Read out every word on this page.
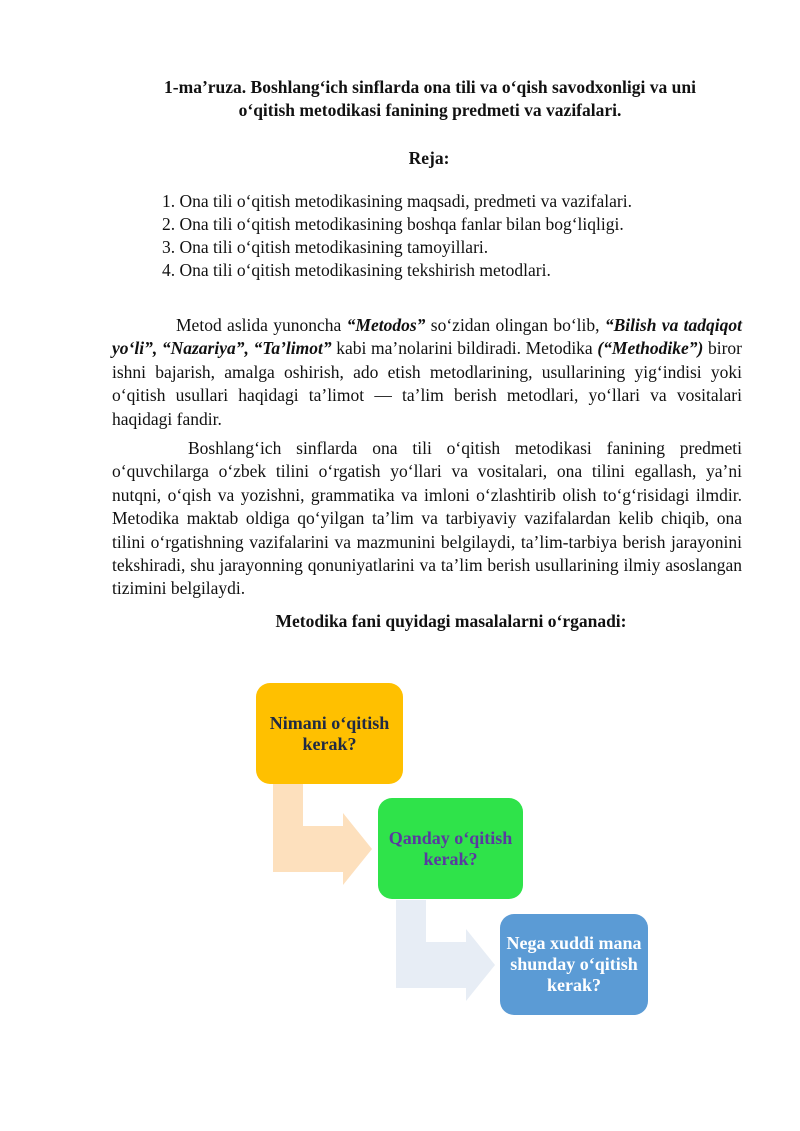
1-ma’ruza. Boshlang‘ich sinflarda ona tili va o‘qish savodxonligi va uni
o‘qitish metodikasi fanining predmeti va vazifalari.
Reja:
1. Ona tili o‘qitish metodikasining maqsadi, predmeti va vazifalari.
2. Ona tili o‘qitish metodikasining boshqa fanlar bilan bog‘liqligi.
3. Ona tili o‘qitish metodikasining tamoyillari.
4. Ona tili o‘qitish metodikasining tekshirish metodlari.

Metod aslida yunoncha “Metodos” so‘zidan olingan bo‘lib, “Bilish va tadqiqot yo‘li”, “Nazariya”, “Ta’limot” kabi ma’nolarini bildiradi. Metodika (“Methodike”) biror ishni bajarish, amalga oshirish, ado etish metodlarining, usullarining yig‘indisi yoki o‘qitish usullari haqidagi ta’limot — ta’lim berish metodlari, yo‘llari va vositalari haqidagi fandir.

Boshlang‘ich sinflarda ona tili o‘qitish metodikasi fanining predmeti o‘quvchilarga o‘zbek tilini o‘rgatish yo‘llari va vositalari, ona tilini egallash, ya’ni nutqni, o‘qish va yozishni, grammatika va imloni o‘zlashtirib olish to‘g‘risidagi ilmdir. Metodika maktab oldiga qo‘yilgan ta’lim va tarbiyaviy vazifalardan kelib chiqib, ona tilini o‘rgatishning vazifalarini va mazmunini belgilaydi, ta’lim-tarbiya berish jarayonini tekshiradi, shu jarayonning qonuniyatlarini va ta’lim berish usullarining ilmiy asoslangan tizimini belgilaydi.

Metodika fani quyidagi masalalarni o‘rganadi:
Nimani o‘qitish kerak?
Qanday o‘qitish kerak?
Nega xuddi mana shunday o‘qitish kerak?
